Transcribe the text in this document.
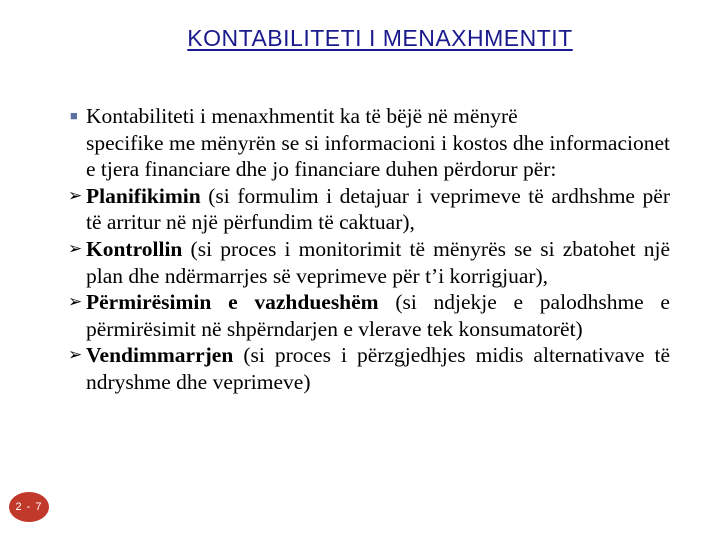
KONTABILITETI I MENAXHMENTIT
■ Kontabiliteti i menaxhmentit ka të bëjë në mënyrë
specifike me mënyrën se si informacioni i kostos dhe informacionet e tjera financiare dhe jo financiare duhen përdorur për:
➢ Planifikimin (si formulim i detajuar i veprimeve të ardhshme për të arritur në një përfundim të caktuar),
➢ Kontrollin (si proces i monitorimit të mënyrës se si zbatohet një plan dhe ndërmarrjes së veprimeve për t’i korrigjuar),
➢ Përmirësimin e vazhdueshëm (si ndjekje e palodhshme e përmirësimit në shpërndarjen e vlerave tek konsumatorët)
➢ Vendimmarrjen (si proces i përzgjedhjes midis alternativave të ndryshme dhe veprimeve)
2 - 7
